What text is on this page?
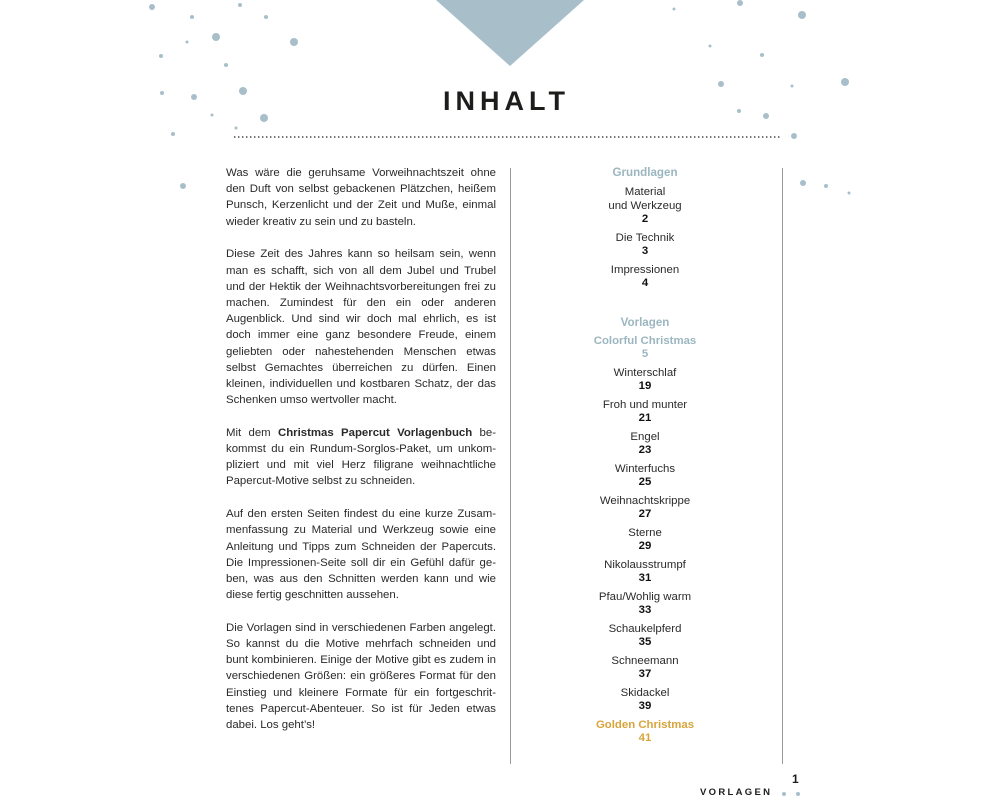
INHALT

Was wäre die geruhsame Vorweihnachtszeit ohne den Duft von selbst gebackenen Plätzchen, heißem Punsch, Kerzenlicht und der Zeit und Muße, einmal wieder kreativ zu sein und zu basteln.

Diese Zeit des Jahres kann so heilsam sein, wenn man es schafft, sich von all dem Jubel und Trubel und der Hektik der Weihnachtsvorbereitungen frei zu machen. Zumindest für den ein oder anderen Augenblick. Und sind wir doch mal ehrlich, es ist doch immer eine ganz besondere Freude, einem geliebten oder nahestehenden Menschen etwas selbst Gemachtes überreichen zu dürfen. Einen kleinen, individuellen und kostbaren Schatz, der das Schenken umso wertvoller macht.

Mit dem Christmas Papercut Vorlagenbuch bekommst du ein Rundum-Sorglos-Paket, um unkompliziert und mit viel Herz filigrane weihnachtliche Papercut-Motive selbst zu schneiden.

Auf den ersten Seiten findest du eine kurze Zusammenfassung zu Material und Werkzeug sowie eine Anleitung und Tipps zum Schneiden der Papercuts. Die Impressionen-Seite soll dir ein Gefühl dafür geben, was aus den Schnitten werden kann und wie diese fertig geschnitten aussehen.

Die Vorlagen sind in verschiedenen Farben angelegt. So kannst du die Motive mehrfach schneiden und bunt kombinieren. Einige der Motive gibt es zudem in verschiedenen Größen: ein größeres Format für den Einstieg und kleinere Formate für ein fortgeschrittenes Papercut-Abenteuer. So ist für Jeden etwas dabei. Los geht’s!

Grundlagen
Material
und Werkzeug
2
Die Technik
3
Impressionen
4
Vorlagen
Colorful Christmas
5
Winterschlaf
19
Froh und munter
21
Engel
23
Winterfuchs
25
Weihnachtskrippe
27
Sterne
29
Nikolausstrumpf
31
Pfau/Wohlig warm
33
Schaukelpferd
35
Schneemann
37
Skidackel
39
Golden Christmas
41
VORLAGEN
1
